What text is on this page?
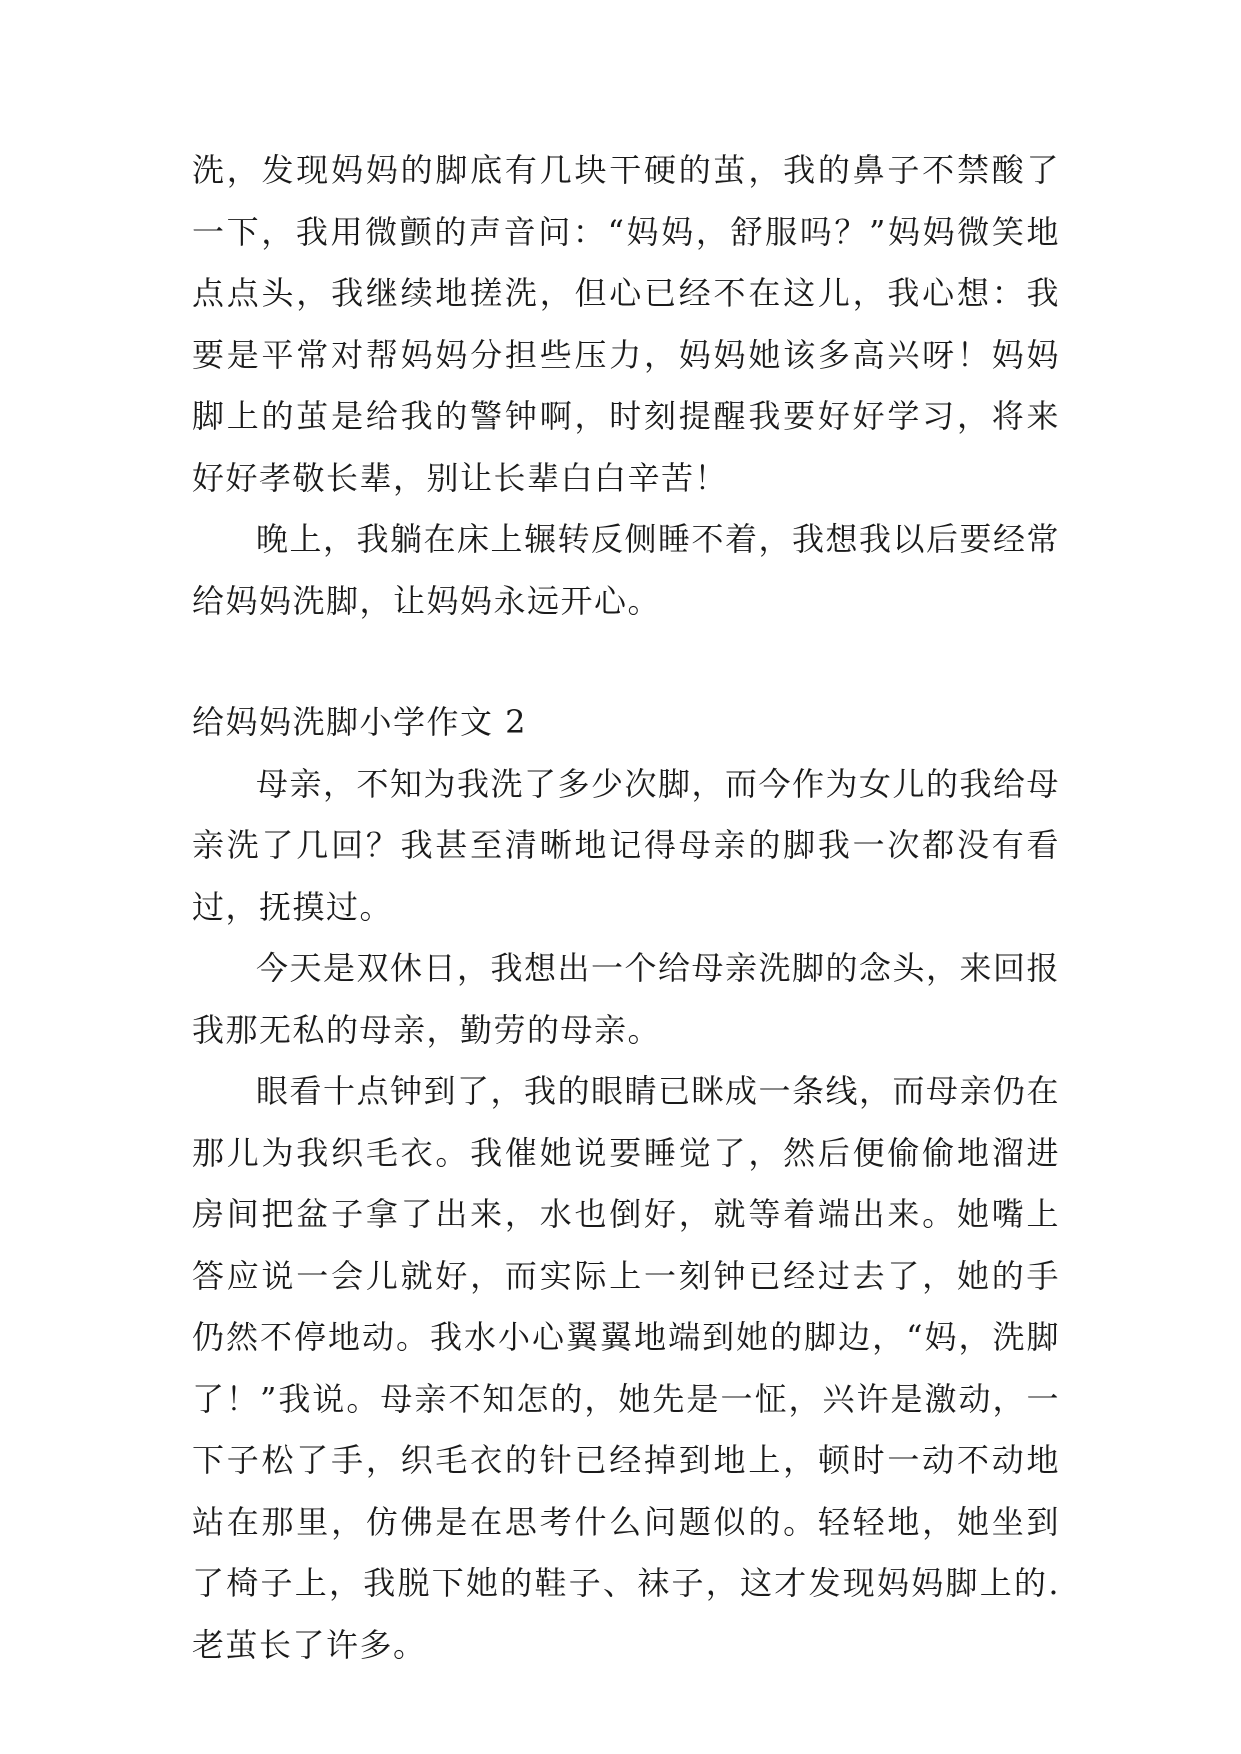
洗，发现妈妈的脚底有几块干硬的茧，我的鼻子不禁酸了一下，我用微颤的声音问：“妈妈，舒服吗？”妈妈微笑地点点头，我继续地搓洗，但心已经不在这儿，我心想：我要是平常对帮妈妈分担些压力，妈妈她该多高兴呀！妈妈脚上的茧是给我的警钟啊，时刻提醒我要好好学习，将来好好孝敬长辈，别让长辈白白辛苦！

晚上，我躺在床上辗转反侧睡不着，我想我以后要经常给妈妈洗脚，让妈妈永远开心。

给妈妈洗脚小学作文 2

母亲，不知为我洗了多少次脚，而今作为女儿的我给母亲洗了几回？我甚至清晰地记得母亲的脚我一次都没有看过，抚摸过。

今天是双休日，我想出一个给母亲洗脚的念头，来回报我那无私的母亲，勤劳的母亲。

眼看十点钟到了，我的眼睛已眯成一条线，而母亲仍在那儿为我织毛衣。我催她说要睡觉了，然后便偷偷地溜进房间把盆子拿了出来，水也倒好，就等着端出来。她嘴上答应说一会儿就好，而实际上一刻钟已经过去了，她的手仍然不停地动。我水小心翼翼地端到她的脚边，“妈，洗脚了！”我说。母亲不知怎的，她先是一怔，兴许是激动，一下子松了手，织毛衣的针已经掉到地上，顿时一动不动地站在那里，仿佛是在思考什么问题似的。轻轻地，她坐到了椅子上，我脱下她的鞋子、袜子，这才发现妈妈脚上的.老茧长了许多。
